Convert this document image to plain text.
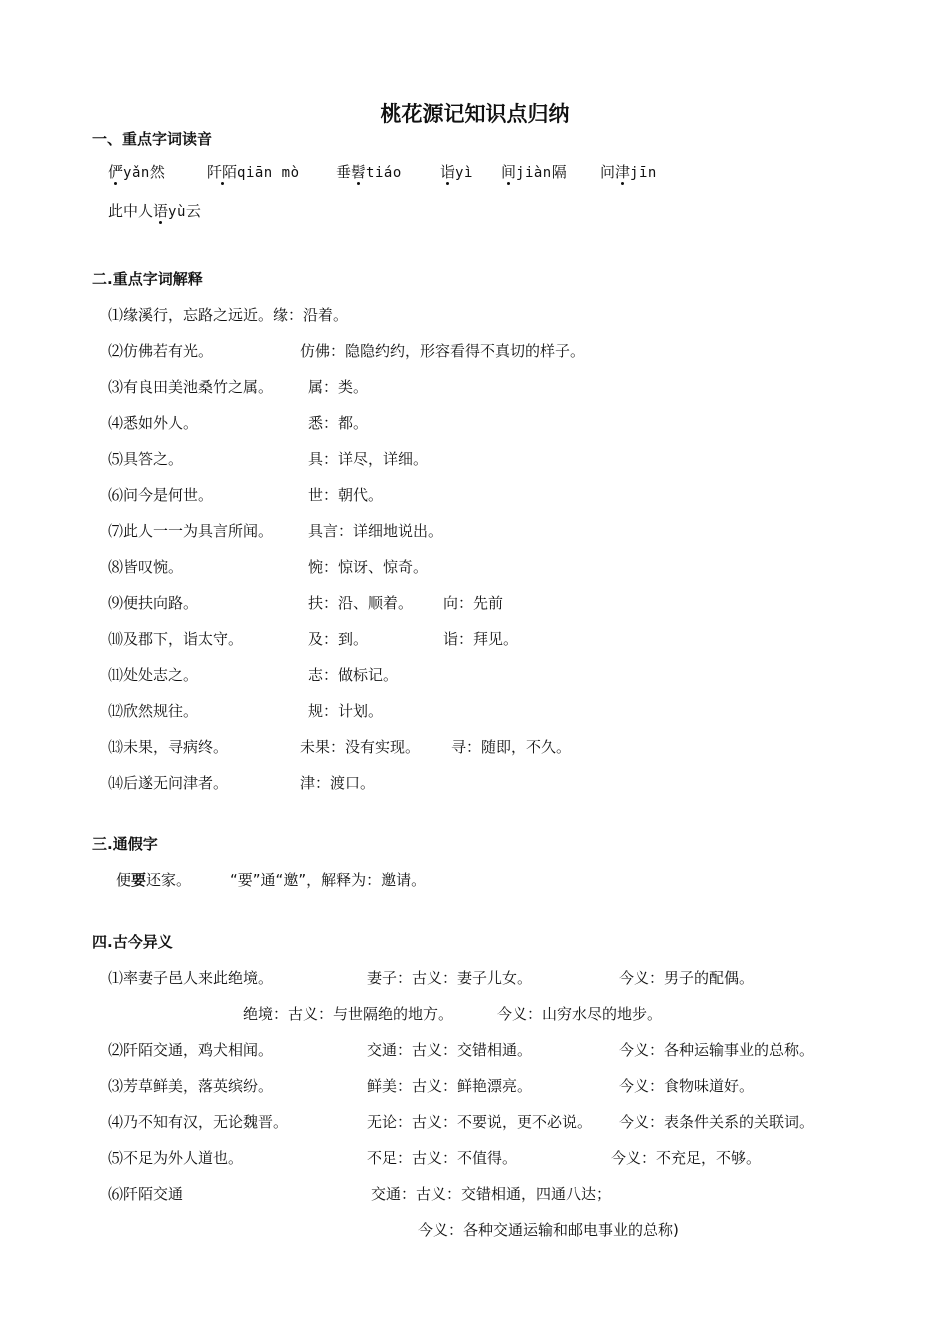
桃花源记知识点归纳
一、重点字词读音
俨yǎn然	阡陌qiān mò 垂髫tiáo	诣yì 间jiàn隔 问津jīn
此中人语yù云
二.重点字词解释
⑴缘溪行，忘路之远近。缘：沿着。
⑵仿佛若有光。	仿佛：隐隐约约，形容看得不真切的样子。
⑶有良田美池桑竹之属。 属：类。
⑷悉如外人。	悉：都。
⑸具答之。	具：详尽，详细。
⑹问今是何世。	世：朝代。
⑺此人一一为具言所闻。 具言：详细地说出。
⑻皆叹惋。	惋：惊讶、惊奇。
⑼便扶向路。	扶：沿、顺着。 向：先前
⑽及郡下，诣太守。	及：到。	诣：拜见。
⑾处处志之。	志：做标记。
⑿欣然规往。	规：计划。
⒀未果，寻病终。	未果：没有实现。 寻：随即，不久。
⒁后遂无问津者。	津：渡口。
三.通假字
便要还家。	“要”通“邀”，解释为：邀请。
四.古今异义
⑴率妻子邑人来此绝境。	妻子：古义：妻子儿女。	今义：男子的配偶。
绝境：古义：与世隔绝的地方。	今义：山穷水尽的地步。
⑵阡陌交通，鸡犬相闻。	交通：古义：交错相通。	今义：各种运输事业的总称。
⑶芳草鲜美，落英缤纷。	鲜美：古义：鲜艳漂亮。	今义：食物味道好。
⑷乃不知有汉，无论魏晋。	无论：古义：不要说，更不必说。 今义：表条件关系的关联词。
⑸不足为外人道也。	不足：古义：不值得。	今义：不充足，不够。
⑹阡陌交通	交通：古义：交错相通，四通八达；
今义：各种交通运输和邮电事业的总称)
